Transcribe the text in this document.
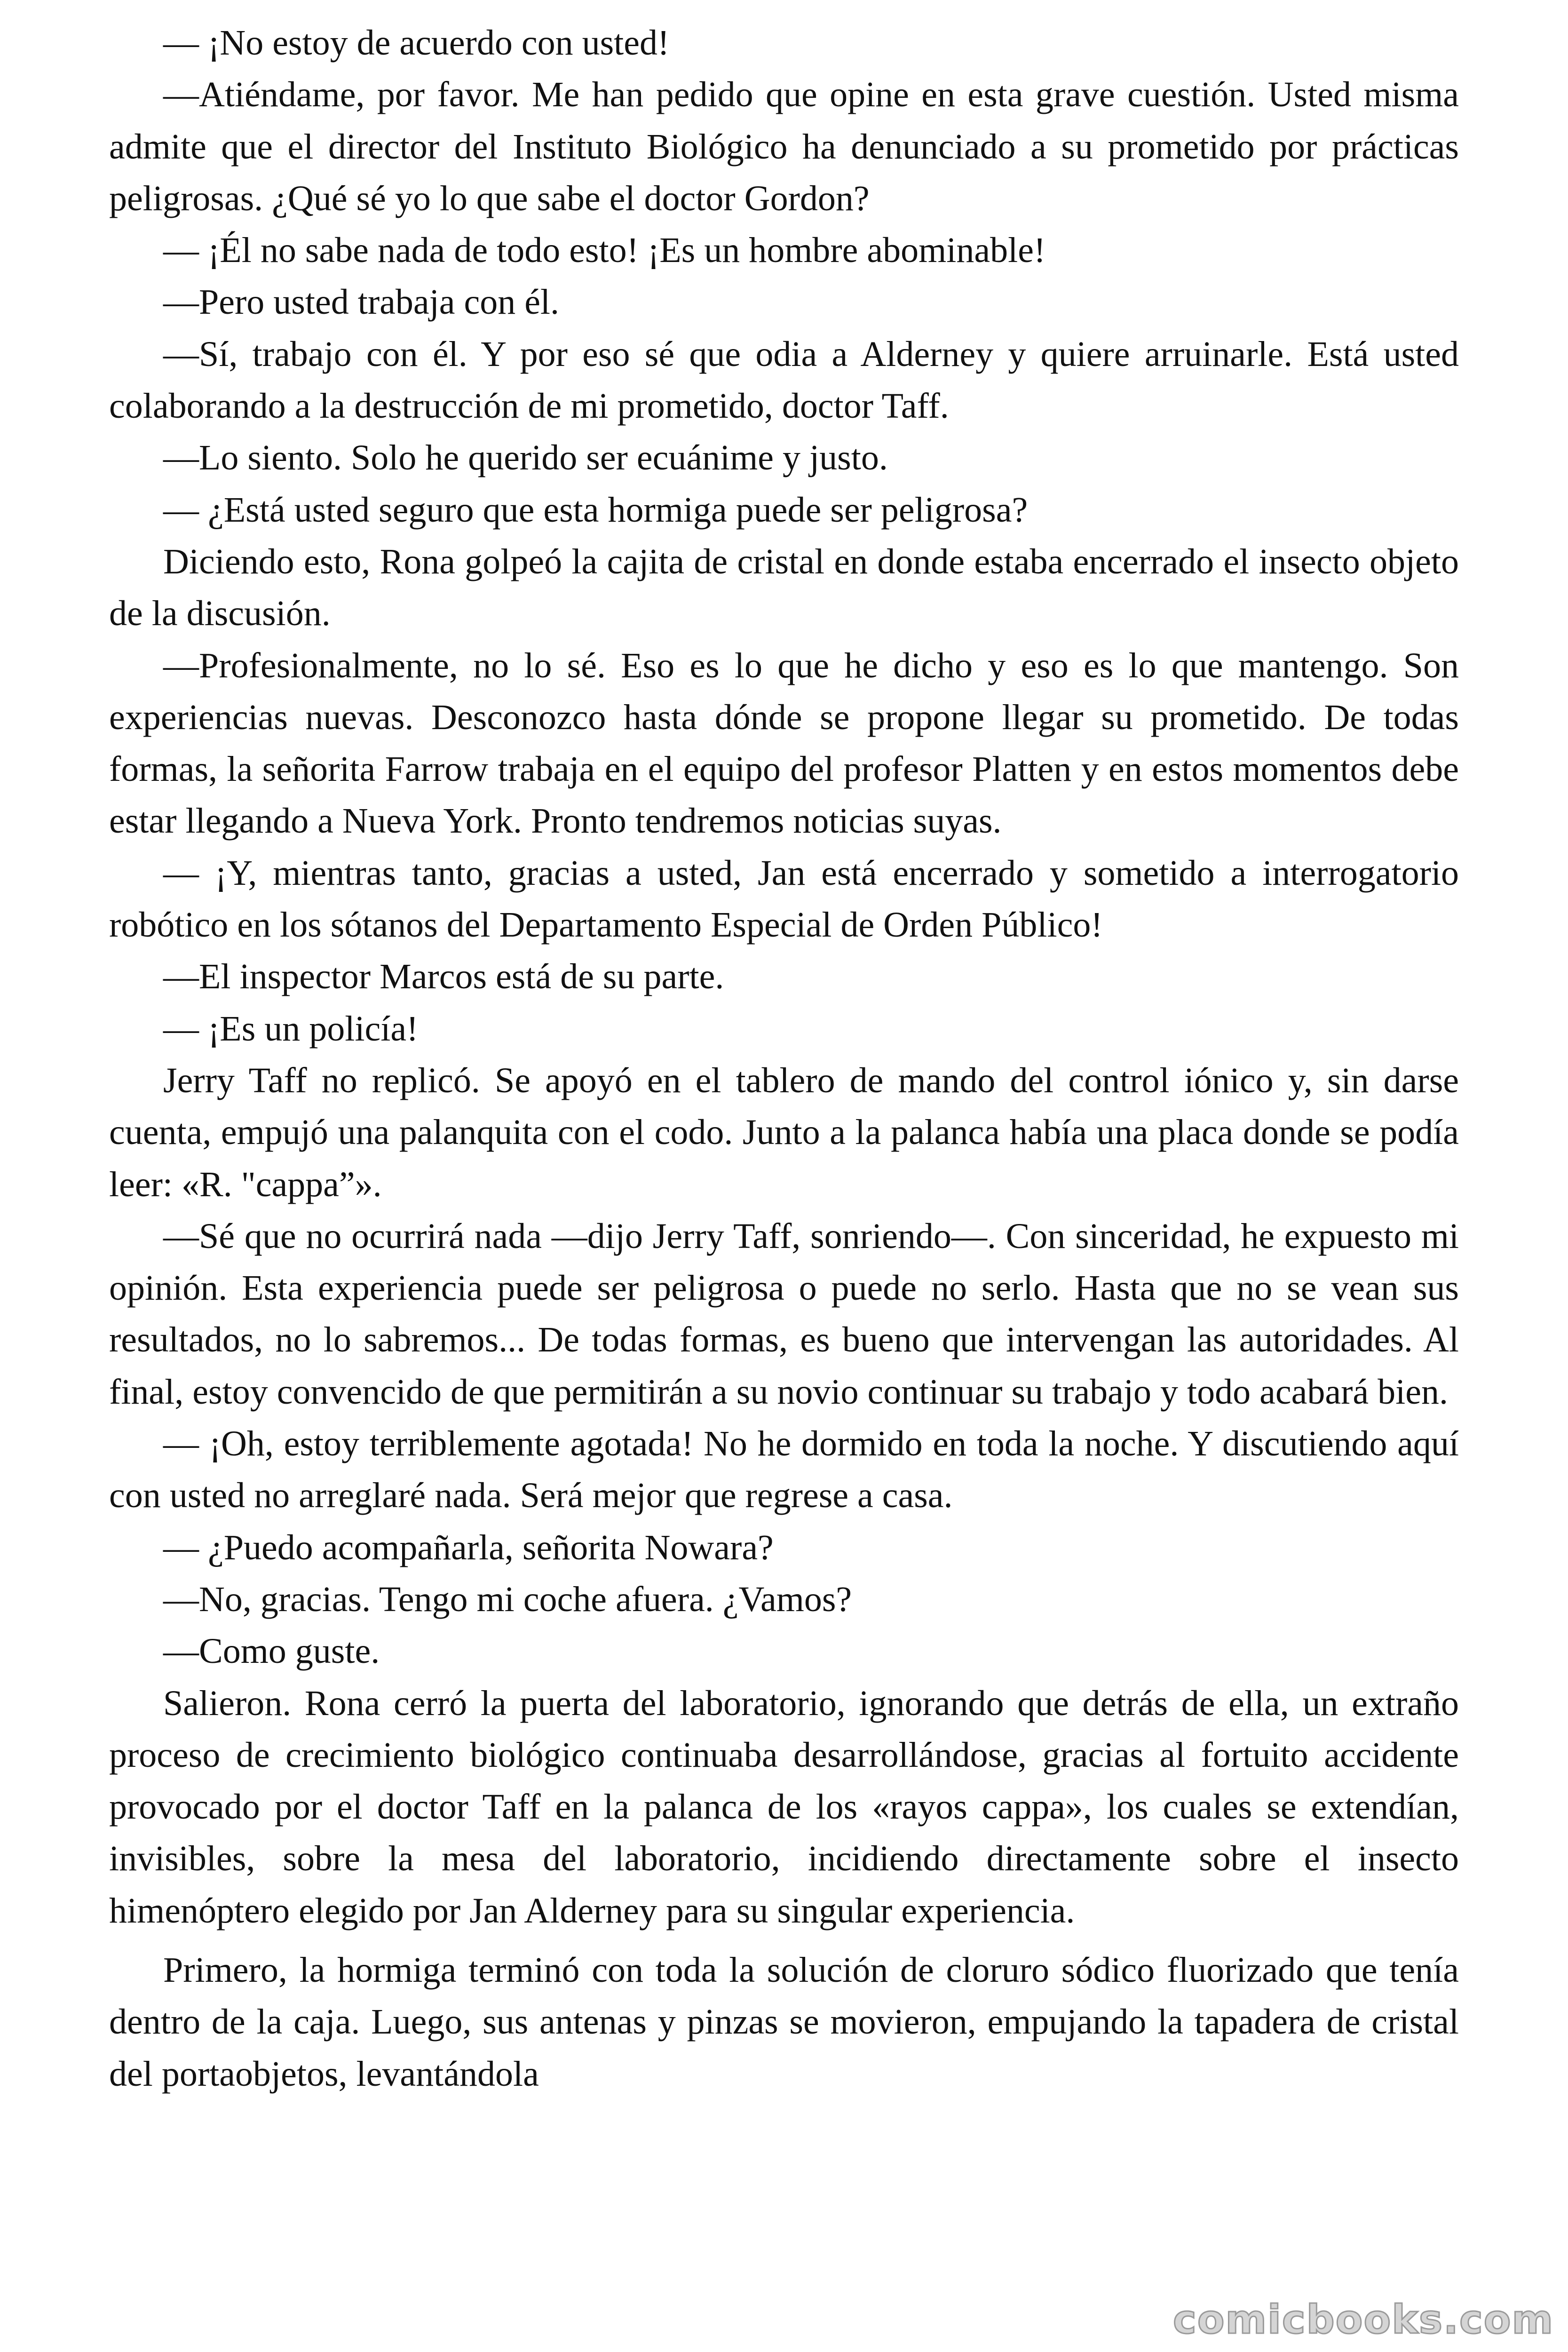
— ¡No estoy de acuerdo con usted!

—Atiéndame, por favor. Me han pedido que opine en esta grave cuestión. Usted misma admite que el director del Instituto Biológico ha denunciado a su prometido por prácticas peligrosas. ¿Qué sé yo lo que sabe el doctor Gordon?

— ¡Él no sabe nada de todo esto! ¡Es un hombre abominable!

—Pero usted trabaja con él.

—Sí, trabajo con él. Y por eso sé que odia a Alderney y quiere arruinarle. Está usted colaborando a la destrucción de mi prometido, doctor Taff.

—Lo siento. Solo he querido ser ecuánime y justo.

— ¿Está usted seguro que esta hormiga puede ser peligrosa?

Diciendo esto, Rona golpeó la cajita de cristal en donde estaba encerrado el insecto objeto de la discusión.

—Profesionalmente, no lo sé. Eso es lo que he dicho y eso es lo que mantengo. Son experiencias nuevas. Desconozco hasta dónde se propone llegar su prometido. De todas formas, la señorita Farrow trabaja en el equipo del profesor Platten y en estos momentos debe estar llegando a Nueva York. Pronto tendremos noticias suyas.

— ¡Y, mientras tanto, gracias a usted, Jan está encerrado y sometido a interrogatorio robótico en los sótanos del Departamento Especial de Orden Público!

—El inspector Marcos está de su parte.

— ¡Es un policía!

Jerry Taff no replicó. Se apoyó en el tablero de mando del control iónico y, sin darse cuenta, empujó una palanquita con el codo. Junto a la palanca había una placa donde se podía leer: «R. "cappa”».

—Sé que no ocurrirá nada —dijo Jerry Taff, sonriendo—. Con sinceridad, he expuesto mi opinión. Esta experiencia puede ser peligrosa o puede no serlo. Hasta que no se vean sus resultados, no lo sabremos... De todas formas, es bueno que intervengan las autoridades. Al final, estoy convencido de que permitirán a su novio continuar su trabajo y todo acabará bien.

— ¡Oh, estoy terriblemente agotada! No he dormido en toda la noche. Y discutiendo aquí con usted no arreglaré nada. Será mejor que regrese a casa.

— ¿Puedo acompañarla, señorita Nowara?

—No, gracias. Tengo mi coche afuera. ¿Vamos?

—Como guste.

Salieron. Rona cerró la puerta del laboratorio, ignorando que detrás de ella, un extraño proceso de crecimiento biológico continuaba desarrollándose, gracias al fortuito accidente provocado por el doctor Taff en la palanca de los «rayos cappa», los cuales se extendían, invisibles, sobre la mesa del laboratorio, incidiendo directamente sobre el insecto himenóptero elegido por Jan Alderney para su singular experiencia.

Primero, la hormiga terminó con toda la solución de cloruro sódico fluorizado que tenía dentro de la caja. Luego, sus antenas y pinzas se movieron, empujando la tapadera de cristal del portaobjetos, levantándola

comicbooks.com
